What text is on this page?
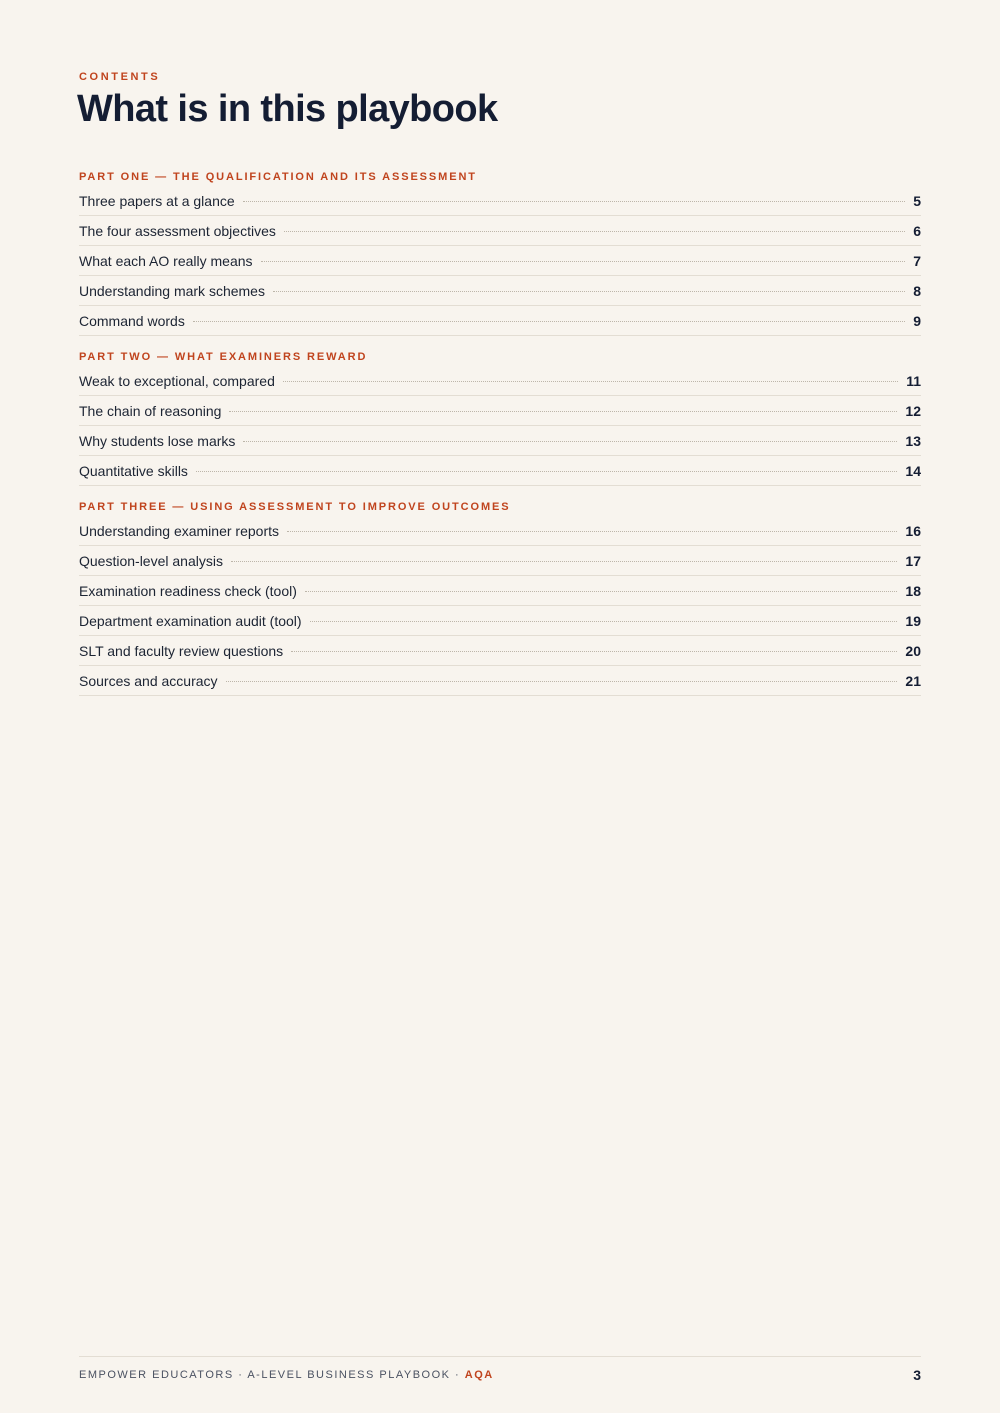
CONTENTS
What is in this playbook
PART ONE — THE QUALIFICATION AND ITS ASSESSMENT
Three papers at a glance	5
The four assessment objectives	6
What each AO really means	7
Understanding mark schemes	8
Command words	9
PART TWO — WHAT EXAMINERS REWARD
Weak to exceptional, compared	11
The chain of reasoning	12
Why students lose marks	13
Quantitative skills	14
PART THREE — USING ASSESSMENT TO IMPROVE OUTCOMES
Understanding examiner reports	16
Question-level analysis	17
Examination readiness check (tool)	18
Department examination audit (tool)	19
SLT and faculty review questions	20
Sources and accuracy	21
EMPOWER EDUCATORS · A-LEVEL BUSINESS PLAYBOOK · AQA	3
